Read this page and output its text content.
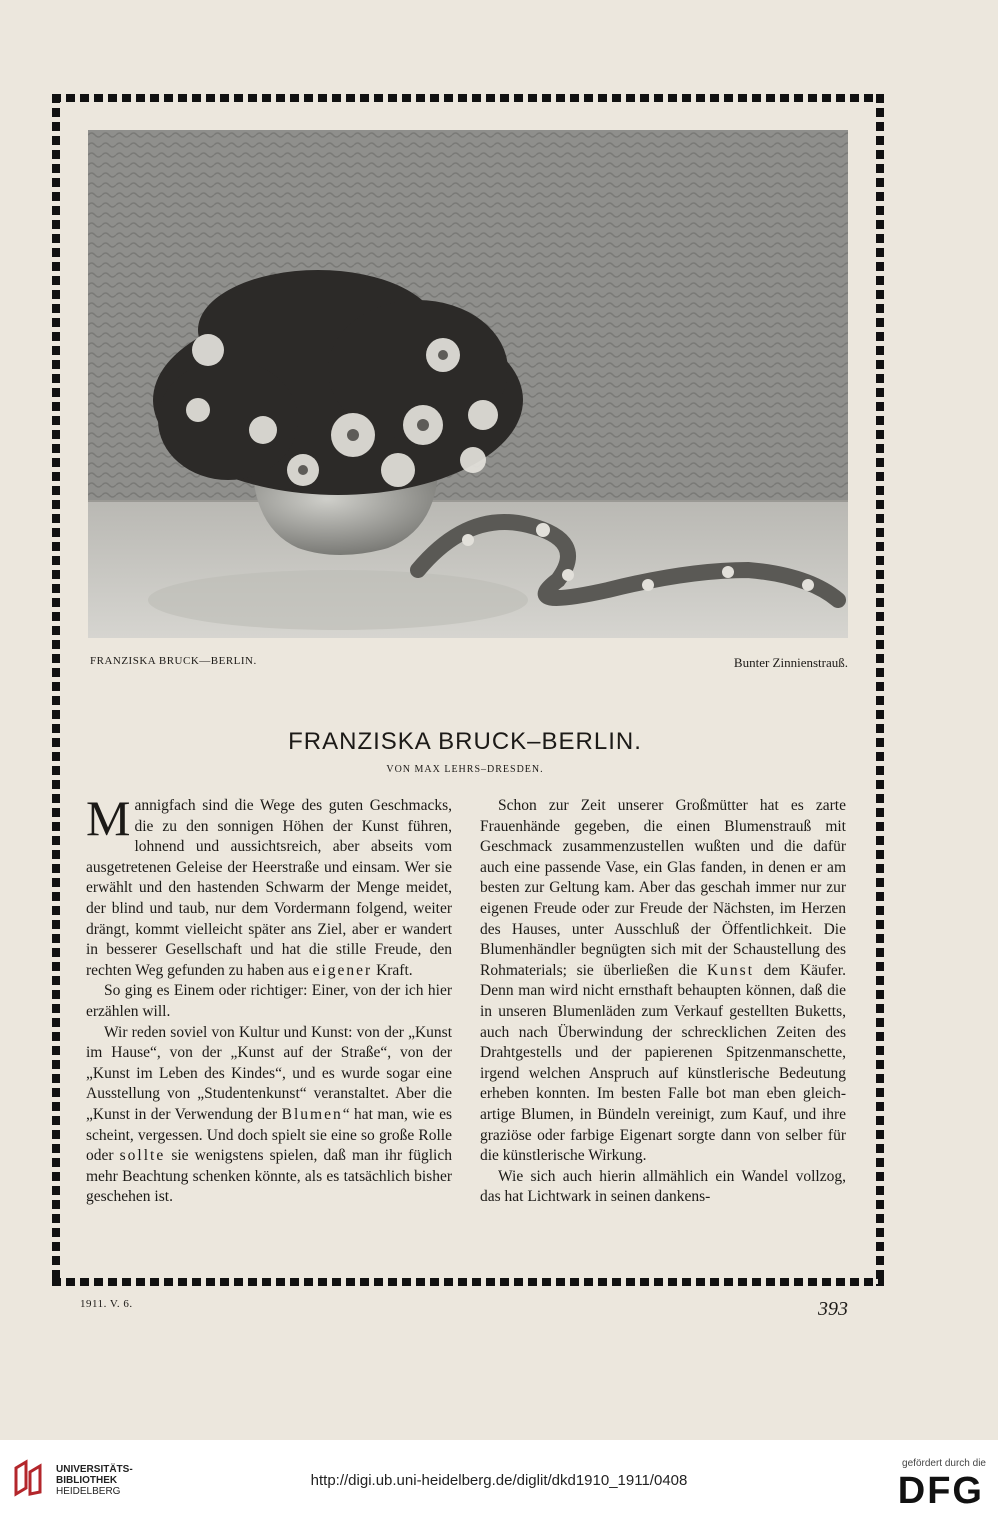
FRANZISKA BRUCK—BERLIN.	Bunter Zinnienstrauß.
FRANZISKA BRUCK–BERLIN.
VON MAX LEHRS–DRESDEN.

Mannigfach sind die Wege des guten Geschmacks, die zu den sonnigen Höhen der Kunst führen, lohnend und aussichtsreich, aber abseits vom ausgetretenen Geleise der Heerstraße und einsam. Wer sie erwählt und den hastenden Schwarm der Menge meidet, der blind und taub, nur dem Vordermann folgend, weiter drängt, kommt vielleicht später ans Ziel, aber er wandert in besserer Gesellschaft und hat die stille Freude, den rechten Weg gefunden zu haben aus eigener Kraft.

So ging es Einem oder richtiger: Einer, von der ich hier erzählen will.

Wir reden soviel von Kultur und Kunst: von der „Kunst im Hause“, von der „Kunst auf der Straße“, von der „Kunst im Leben des Kindes“, und es wurde sogar eine Ausstellung von „Studentenkunst“ veranstaltet. Aber die „Kunst in der Verwendung der Blumen“ hat man, wie es scheint, vergessen. Und doch spielt sie eine so große Rolle oder sollte sie wenigstens spielen, daß man ihr füglich mehr Beachtung schenken könnte, als es tatsächlich bisher geschehen ist.

Schon zur Zeit unserer Großmütter hat es zarte Frauenhände gegeben, die einen Blumenstrauß mit Geschmack zusammenzustellen wußten und die dafür auch eine passende Vase, ein Glas fanden, in denen er am besten zur Geltung kam. Aber das geschah immer nur zur eigenen Freude oder zur Freude der Nächsten, im Herzen des Hauses, unter Ausschluß der Öffentlichkeit. Die Blumenhändler begnügten sich mit der Schaustellung des Rohmaterials; sie überließen die Kunst dem Käufer. Denn man wird nicht ernsthaft behaupten können, daß die in unseren Blumenläden zum Verkauf gestellten Buketts, auch nach Überwindung der schrecklichen Zeiten des Drahtgestells und der papierenen Spitzenmanschette, irgend welchen Anspruch auf künstlerische Bedeutung erheben konnten. Im besten Falle bot man eben gleichartige Blumen, in Bündeln vereinigt, zum Kauf, und ihre graziöse oder farbige Eigenart sorgte dann von selber für die künstlerische Wirkung.

Wie sich auch hierin allmählich ein Wandel vollzog, das hat Lichtwark in seinen dankens-

1911. V. 6.	393
UNIVERSITÄTS-
BIBLIOTHEK
HEIDELBERG
http://digi.ub.uni-heidelberg.de/diglit/dkd1910_1911/0408
gefördert durch die
DFG
